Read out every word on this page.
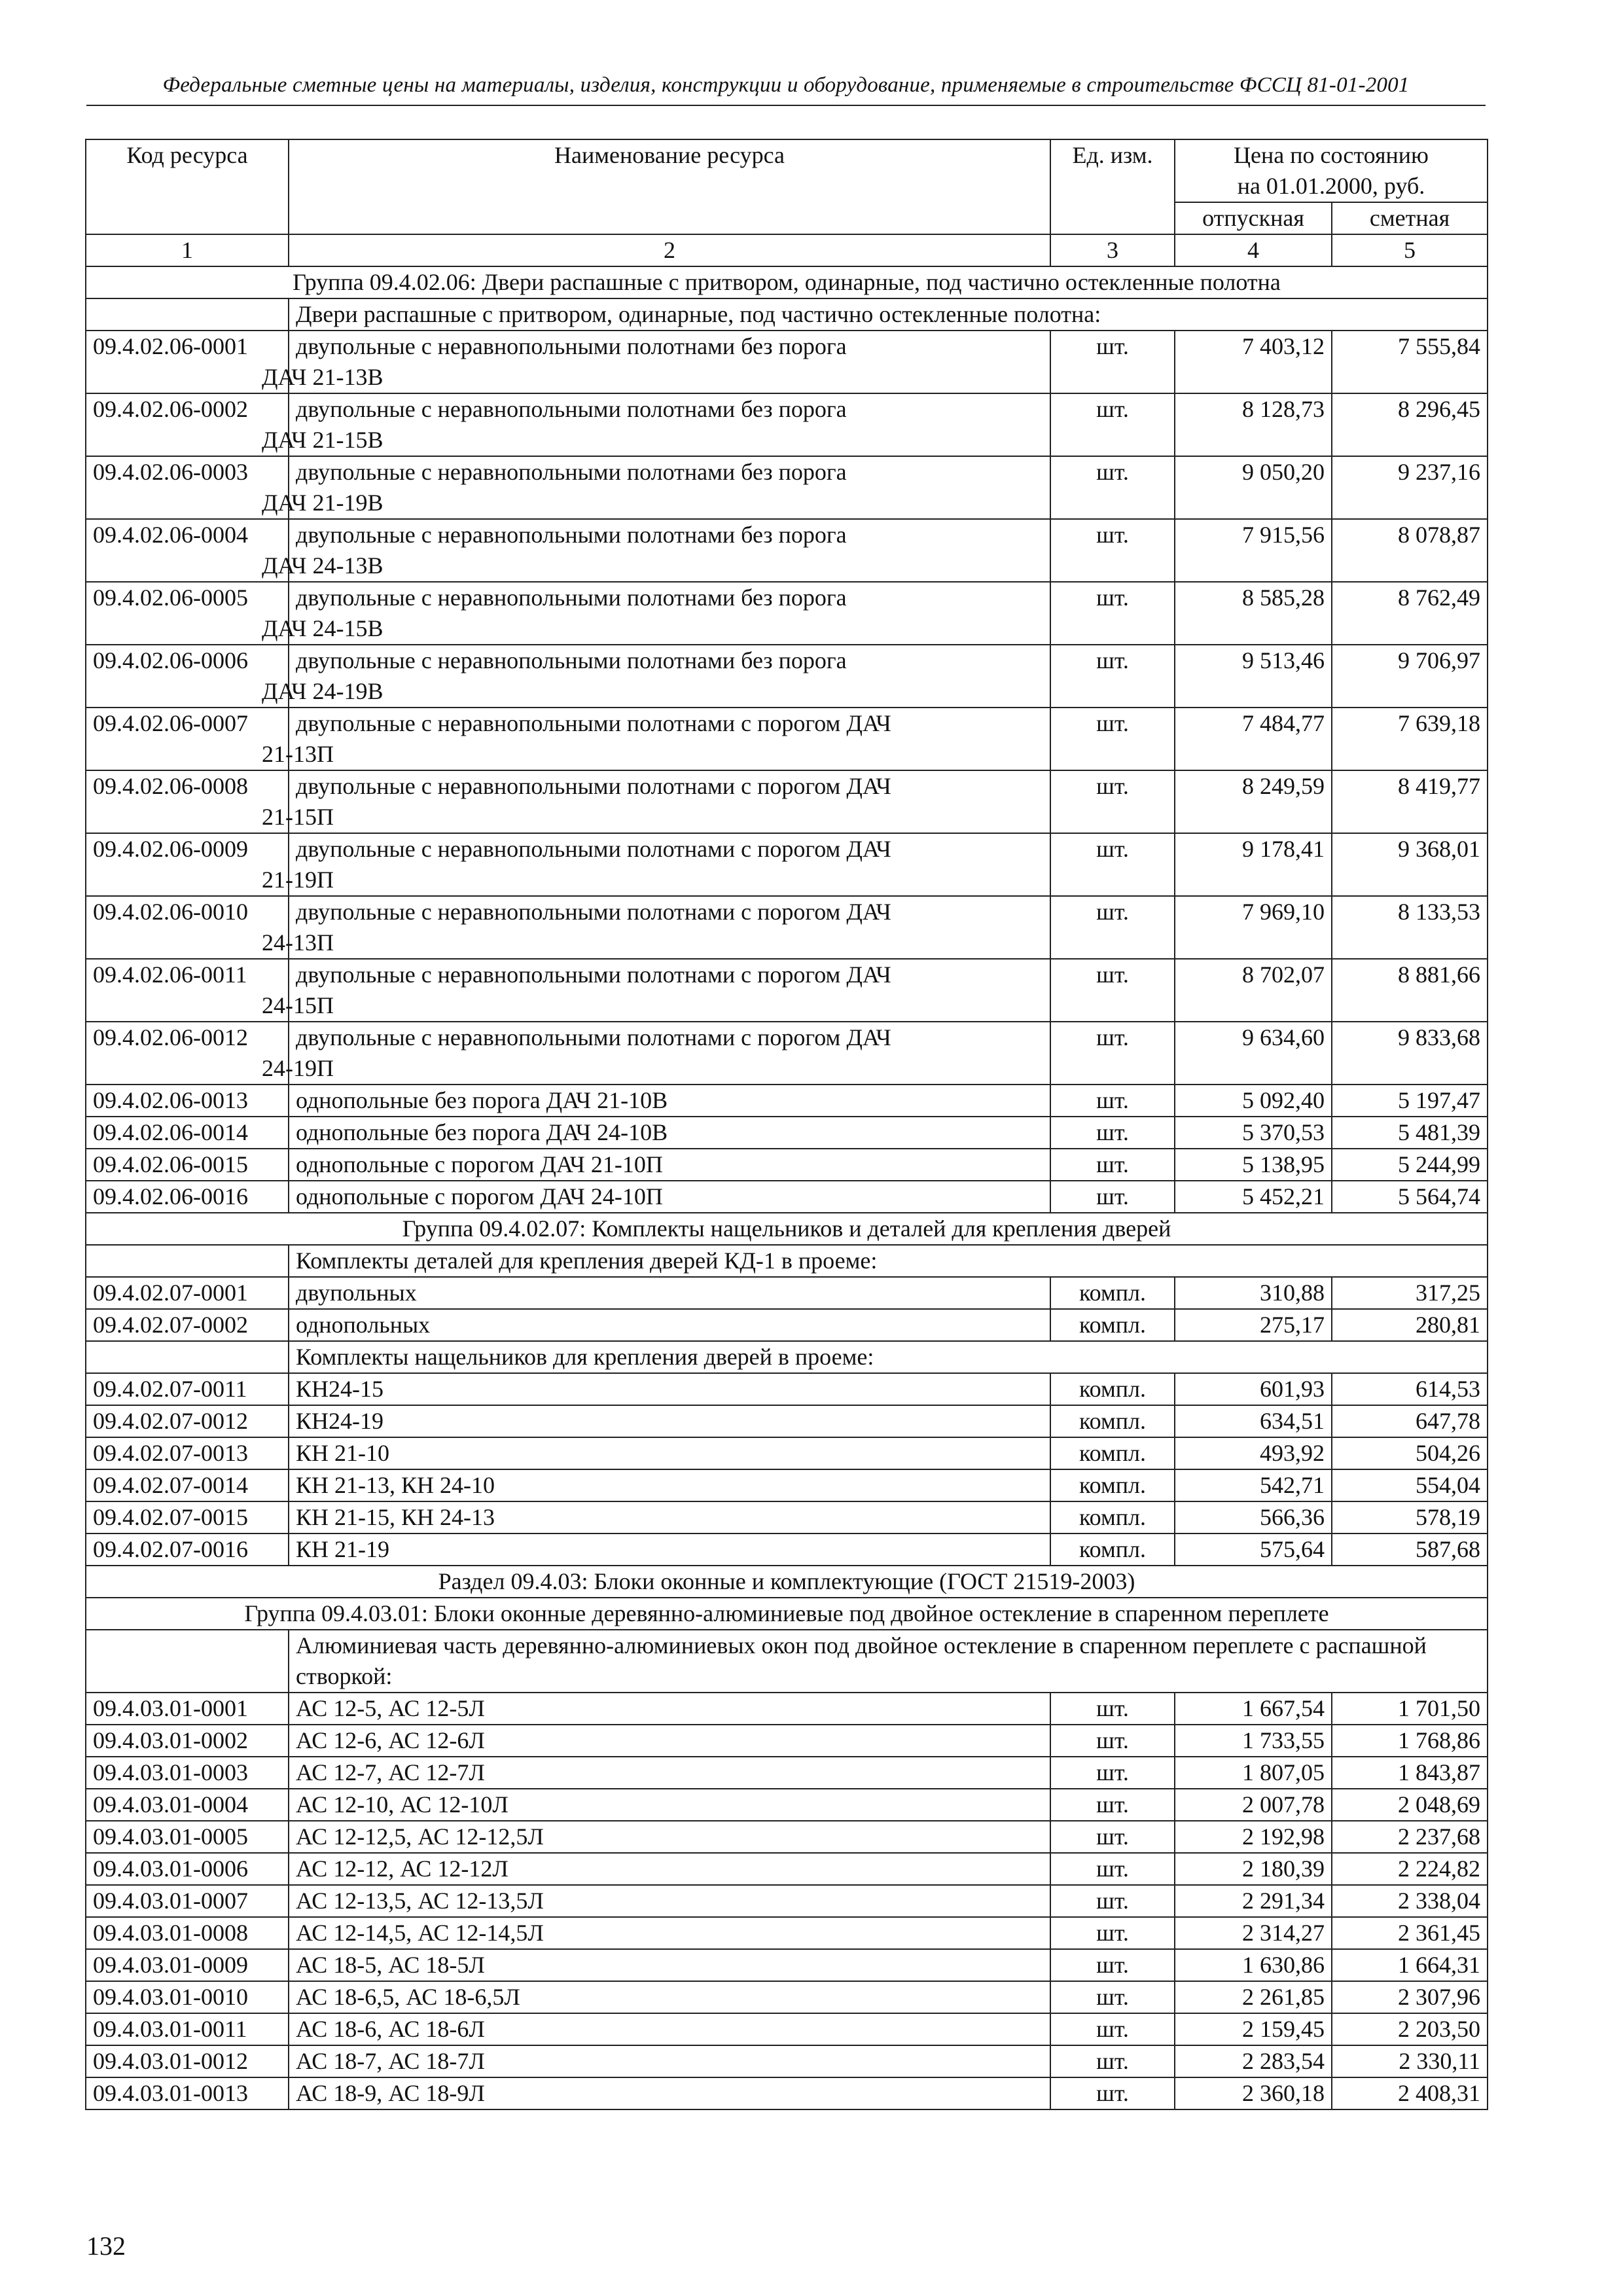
Федеральные сметные цены на материалы, изделия, конструкции и оборудование, применяемые в строительстве ФССЦ 81-01-2001
Код ресурса	Наименование ресурса	Ед. изм.	Цена по состоянию на 01.01.2000, руб.	
			отпускная	сметная
1	2	3	4	5
Группа 09.4.02.06: Двери распашные с притвором, одинарные, под частично остекленные полотна				
	Двери распашные с притвором, одинарные, под частично остекленные полотна:			
09.4.02.06-0001	двупольные с неравнопольными полотнами без порога
ДАЧ 21-13В	шт.	7 403,12	7 555,84
09.4.02.06-0002	двупольные с неравнопольными полотнами без порога
ДАЧ 21-15В	шт.	8 128,73	8 296,45
09.4.02.06-0003	двупольные с неравнопольными полотнами без порога
ДАЧ 21-19В	шт.	9 050,20	9 237,16
09.4.02.06-0004	двупольные с неравнопольными полотнами без порога
ДАЧ 24-13В	шт.	7 915,56	8 078,87
09.4.02.06-0005	двупольные с неравнопольными полотнами без порога
ДАЧ 24-15В	шт.	8 585,28	8 762,49
09.4.02.06-0006	двупольные с неравнопольными полотнами без порога
ДАЧ 24-19В	шт.	9 513,46	9 706,97
09.4.02.06-0007	двупольные с неравнопольными полотнами с порогом ДАЧ
21-13П	шт.	7 484,77	7 639,18
09.4.02.06-0008	двупольные с неравнопольными полотнами с порогом ДАЧ
21-15П	шт.	8 249,59	8 419,77
09.4.02.06-0009	двупольные с неравнопольными полотнами с порогом ДАЧ
21-19П	шт.	9 178,41	9 368,01
09.4.02.06-0010	двупольные с неравнопольными полотнами с порогом ДАЧ
24-13П	шт.	7 969,10	8 133,53
09.4.02.06-0011	двупольные с неравнопольными полотнами с порогом ДАЧ
24-15П	шт.	8 702,07	8 881,66
09.4.02.06-0012	двупольные с неравнопольными полотнами с порогом ДАЧ
24-19П	шт.	9 634,60	9 833,68
09.4.02.06-0013	однопольные без порога ДАЧ 21-10В	шт.	5 092,40	5 197,47
09.4.02.06-0014	однопольные без порога ДАЧ 24-10В	шт.	5 370,53	5 481,39
09.4.02.06-0015	однопольные с порогом ДАЧ 21-10П	шт.	5 138,95	5 244,99
09.4.02.06-0016	однопольные с порогом ДАЧ 24-10П	шт.	5 452,21	5 564,74
Группа 09.4.02.07: Комплекты нащельников и деталей для крепления дверей				
	Комплекты деталей для крепления дверей КД-1 в проеме:			
09.4.02.07-0001	двупольных	компл.	310,88	317,25
09.4.02.07-0002	однопольных	компл.	275,17	280,81
	Комплекты нащельников для крепления дверей в проеме:			
09.4.02.07-0011	КН24-15	компл.	601,93	614,53
09.4.02.07-0012	КН24-19	компл.	634,51	647,78
09.4.02.07-0013	КН 21-10	компл.	493,92	504,26
09.4.02.07-0014	КН 21-13, КН 24-10	компл.	542,71	554,04
09.4.02.07-0015	КН 21-15, КН 24-13	компл.	566,36	578,19
09.4.02.07-0016	КН 21-19	компл.	575,64	587,68
Раздел 09.4.03: Блоки оконные и комплектующие (ГОСТ 21519-2003)				
Группа 09.4.03.01: Блоки оконные деревянно-алюминиевые под двойное остекление в спаренном переплете				
	Алюминиевая часть деревянно-алюминиевых окон под двойное остекление в спаренном переплете с распашной створкой:			
09.4.03.01-0001	АС 12-5, АС 12-5Л	шт.	1 667,54	1 701,50
09.4.03.01-0002	АС 12-6, АС 12-6Л	шт.	1 733,55	1 768,86
09.4.03.01-0003	АС 12-7, АС 12-7Л	шт.	1 807,05	1 843,87
09.4.03.01-0004	АС 12-10, АС 12-10Л	шт.	2 007,78	2 048,69
09.4.03.01-0005	АС 12-12,5, АС 12-12,5Л	шт.	2 192,98	2 237,68
09.4.03.01-0006	АС 12-12, АС 12-12Л	шт.	2 180,39	2 224,82
09.4.03.01-0007	АС 12-13,5, АС 12-13,5Л	шт.	2 291,34	2 338,04
09.4.03.01-0008	АС 12-14,5, АС 12-14,5Л	шт.	2 314,27	2 361,45
09.4.03.01-0009	АС 18-5, АС 18-5Л	шт.	1 630,86	1 664,31
09.4.03.01-0010	АС 18-6,5, АС 18-6,5Л	шт.	2 261,85	2 307,96
09.4.03.01-0011	АС 18-6, АС 18-6Л	шт.	2 159,45	2 203,50
09.4.03.01-0012	АС 18-7, АС 18-7Л	шт.	2 283,54	2 330,11
09.4.03.01-0013	АС 18-9, АС 18-9Л	шт.	2 360,18	2 408,31
132
